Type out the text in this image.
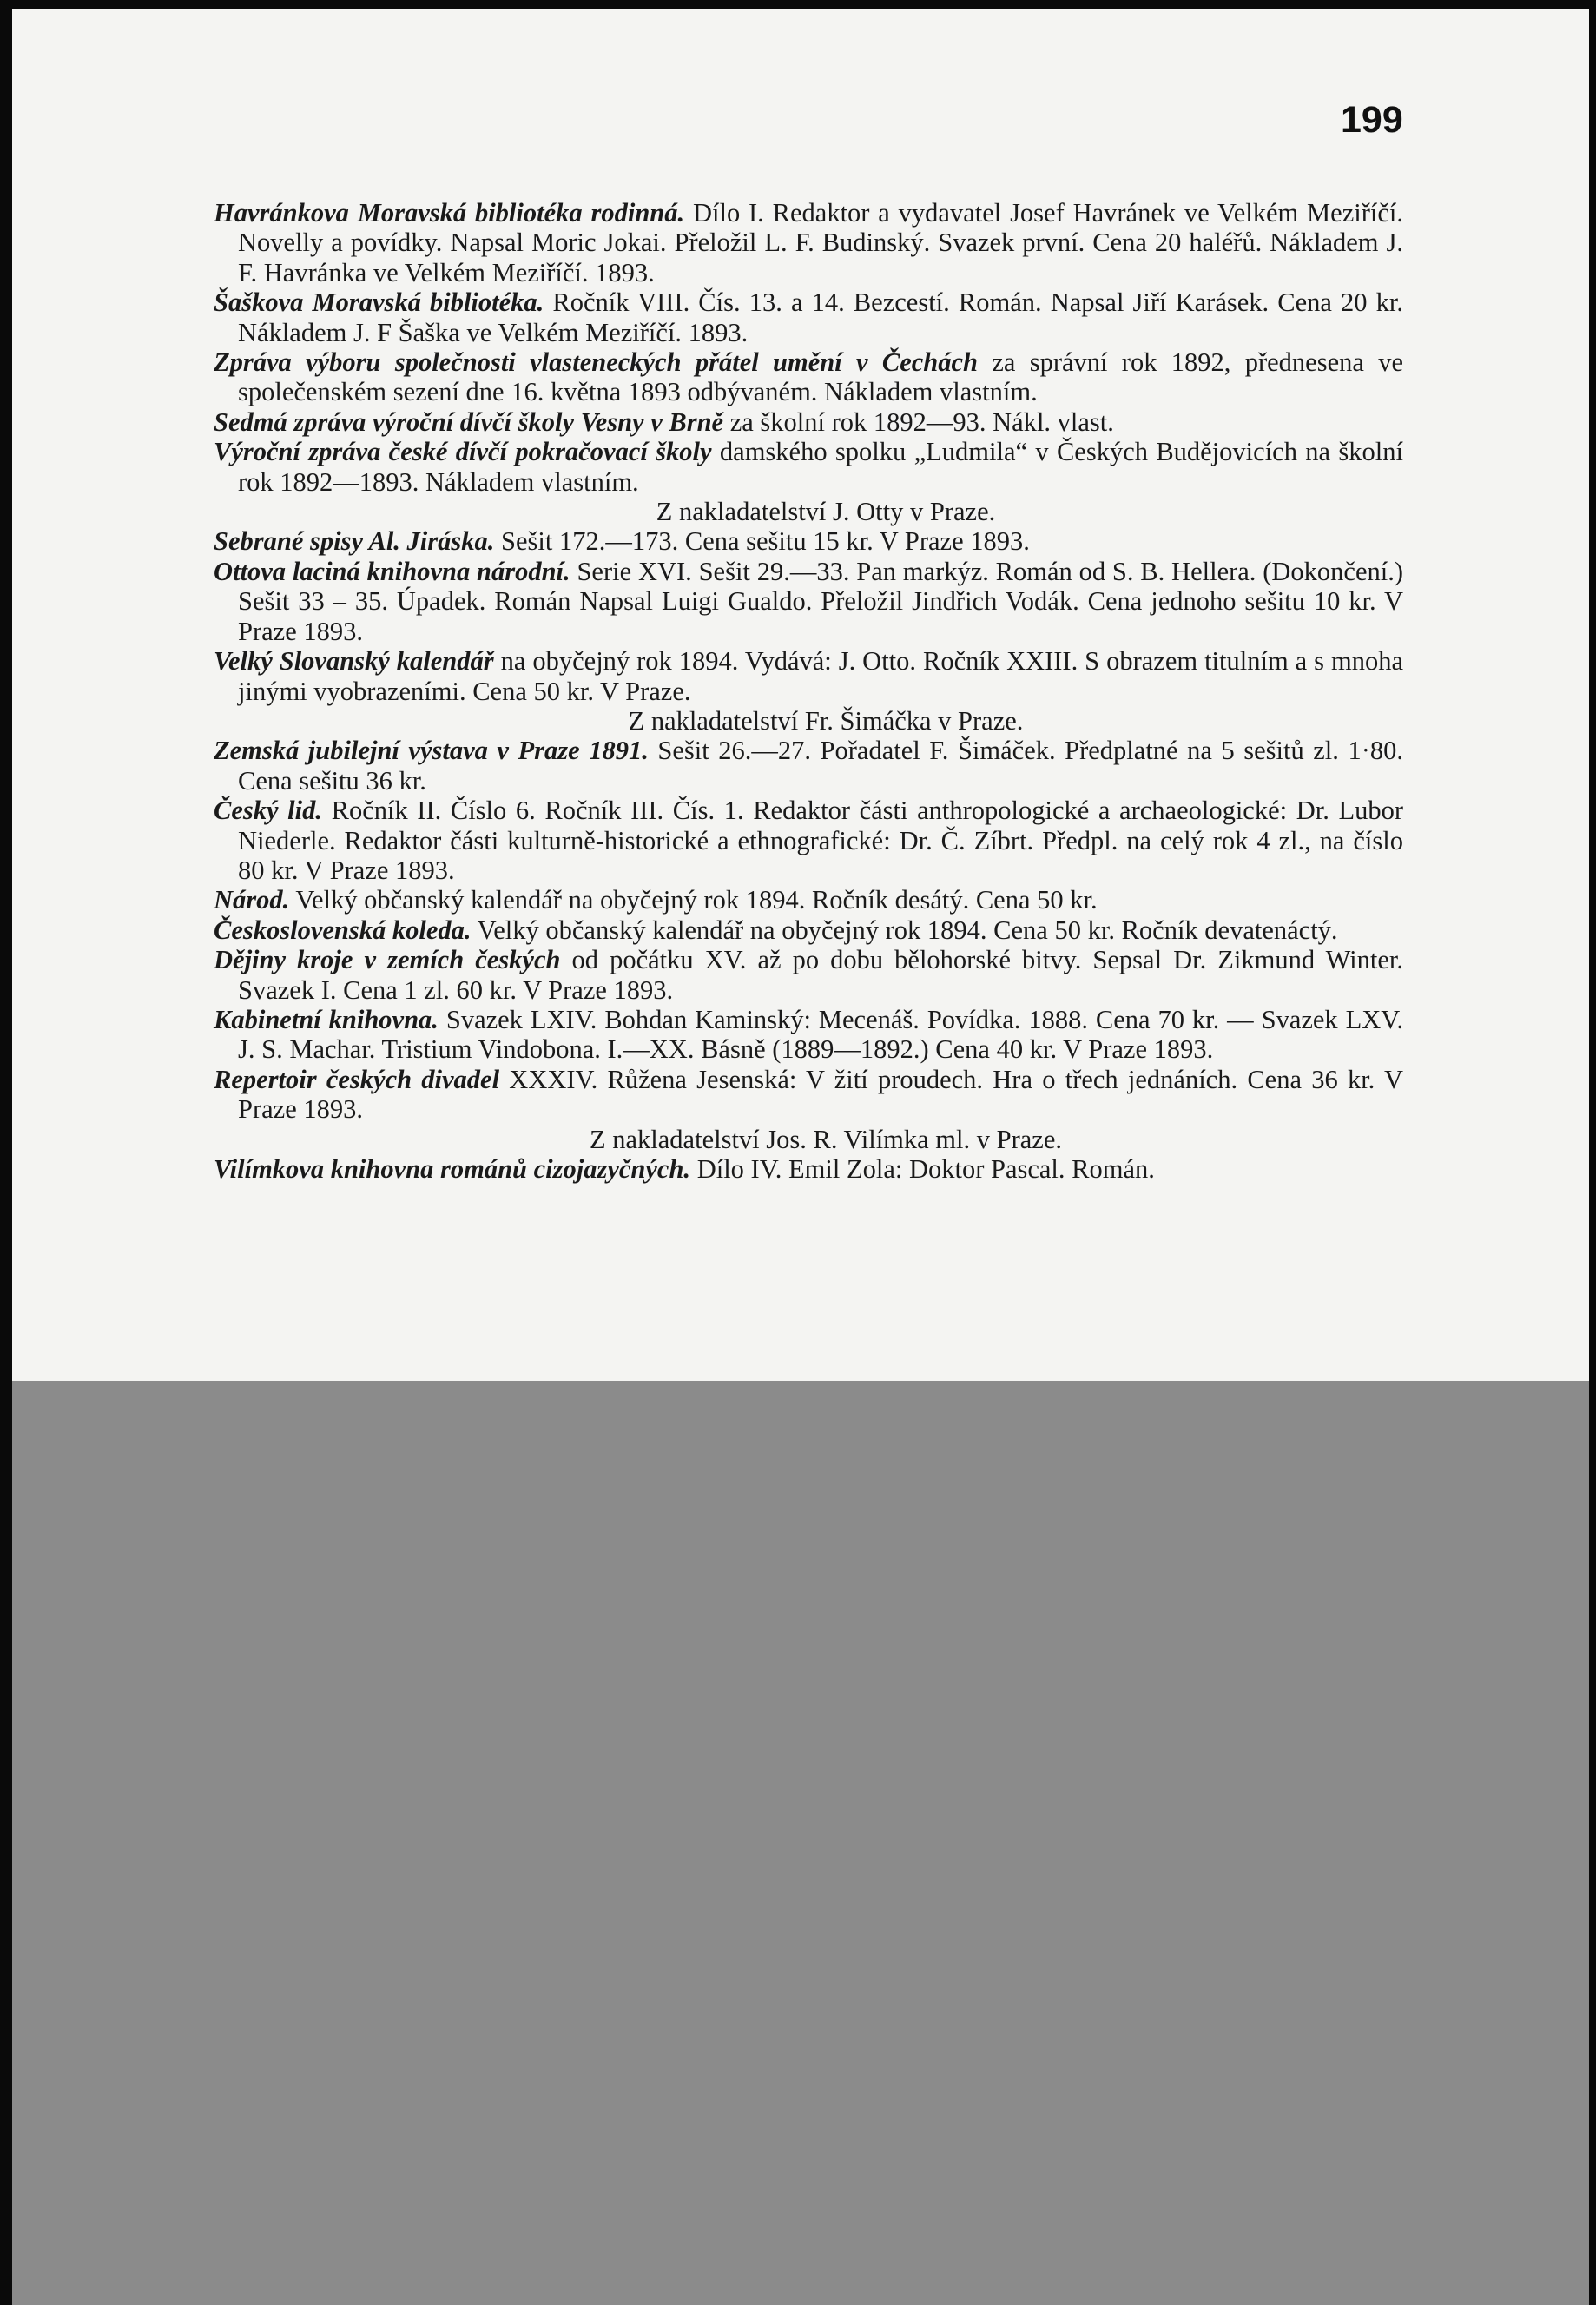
199

Havránkova Moravská bibliotéka rodinná. Dílo I. Redaktor a vydavatel Josef Havránek ve Velkém Meziříčí. Novelly a povídky. Napsal Moric Jokai. Přeložil L. F. Budinský. Svazek první. Cena 20 haléřů. Nákladem J. F. Havránka ve Velkém Meziříčí. 1893.

Šaškova Moravská bibliotéka. Ročník VIII. Čís. 13. a 14. Bezcestí. Román. Napsal Jiří Karásek. Cena 20 kr. Nákladem J. F Šaška ve Velkém Meziříčí. 1893.

Zpráva výboru společnosti vlasteneckých přátel umění v Čechách za správní rok 1892, přednesena ve společenském sezení dne 16. května 1893 odbývaném. Nákladem vlastním.

Sedmá zpráva výroční dívčí školy Vesny v Brně za školní rok 1892—93. Nákl. vlast.

Výroční zpráva české dívčí pokračovací školy damského spolku „Ludmila“ v Českých Budějovicích na školní rok 1892—1893. Nákladem vlastním.

Z nakladatelství J. Otty v Praze.

Sebrané spisy Al. Jiráska. Sešit 172.—173. Cena sešitu 15 kr. V Praze 1893.

Ottova laciná knihovna národní. Serie XVI. Sešit 29.—33. Pan markýz. Román od S. B. Hellera. (Dokončení.) Sešit 33 – 35. Úpadek. Román Napsal Luigi Gualdo. Přeložil Jindřich Vodák. Cena jednoho sešitu 10 kr. V Praze 1893.

Velký Slovanský kalendář na obyčejný rok 1894. Vydává: J. Otto. Ročník XXIII. S obrazem titulním a s mnoha jinými vyobrazeními. Cena 50 kr. V Praze.

Z nakladatelství Fr. Šimáčka v Praze.

Zemská jubilejní výstava v Praze 1891. Sešit 26.—27. Pořadatel F. Šimáček. Předplatné na 5 sešitů zl. 1·80. Cena sešitu 36 kr.

Český lid. Ročník II. Číslo 6. Ročník III. Čís. 1. Redaktor části anthropologické a archaeologické: Dr. Lubor Niederle. Redaktor části kulturně-historické a ethnografické: Dr. Č. Zíbrt. Předpl. na celý rok 4 zl., na číslo 80 kr. V Praze 1893.

Národ. Velký občanský kalendář na obyčejný rok 1894. Ročník desátý. Cena 50 kr.

Československá koleda. Velký občanský kalendář na obyčejný rok 1894. Cena 50 kr. Ročník devatenáctý.

Dějiny kroje v zemích českých od počátku XV. až po dobu bělohorské bitvy. Sepsal Dr. Zikmund Winter. Svazek I. Cena 1 zl. 60 kr. V Praze 1893.

Kabinetní knihovna. Svazek LXIV. Bohdan Kaminský: Mecenáš. Povídka. 1888. Cena 70 kr. — Svazek LXV. J. S. Machar. Tristium Vindobona. I.—XX. Básně (1889—1892.) Cena 40 kr. V Praze 1893.

Repertoir českých divadel XXXIV. Růžena Jesenská: V žití proudech. Hra o třech jednáních. Cena 36 kr. V Praze 1893.

Z nakladatelství Jos. R. Vilímka ml. v Praze.

Vilímkova knihovna románů cizojazyčných. Dílo IV. Emil Zola: Doktor Pascal. Román.
